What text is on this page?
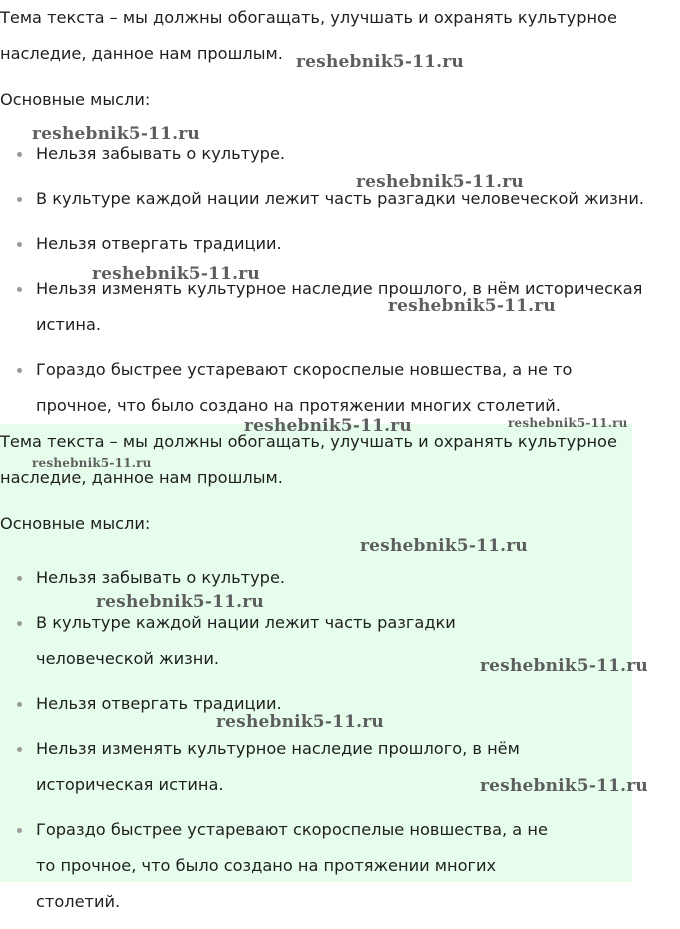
Тема текста – мы должны обогащать, улучшать и охранять культурное наследие, данное нам прошлым.

Основные мысли:

Нельзя забывать о культуре.
В культуре каждой нации лежит часть разгадки человеческой жизни.
Нельзя отвергать традиции.
Нельзя изменять культурное наследие прошлого, в нём историческая истина.
Гораздо быстрее устаревают скороспелые новшества, а не то прочное, что было создано на протяжении многих столетий.

Тема текста – мы должны обогащать, улучшать и охранять культурное наследие, данное нам прошлым.

Основные мысли:

Нельзя забывать о культуре.
В культуре каждой нации лежит часть разгадки человеческой жизни.
Нельзя отвергать традиции.
Нельзя изменять культурное наследие прошлого, в нём историческая истина.
Гораздо быстрее устаревают скороспелые новшества, а не то прочное, что было создано на протяжении многих столетий.
reshebnik5-11.ru
reshebnik5-11.ru
reshebnik5-11.ru
reshebnik5-11.ru
reshebnik5-11.ru
reshebnik5-11.ru	reshebnik5-11.ru
reshebnik5-11.ru
reshebnik5-11.ru
reshebnik5-11.ru
reshebnik5-11.ru
reshebnik5-11.ru
reshebnik5-11.ru
